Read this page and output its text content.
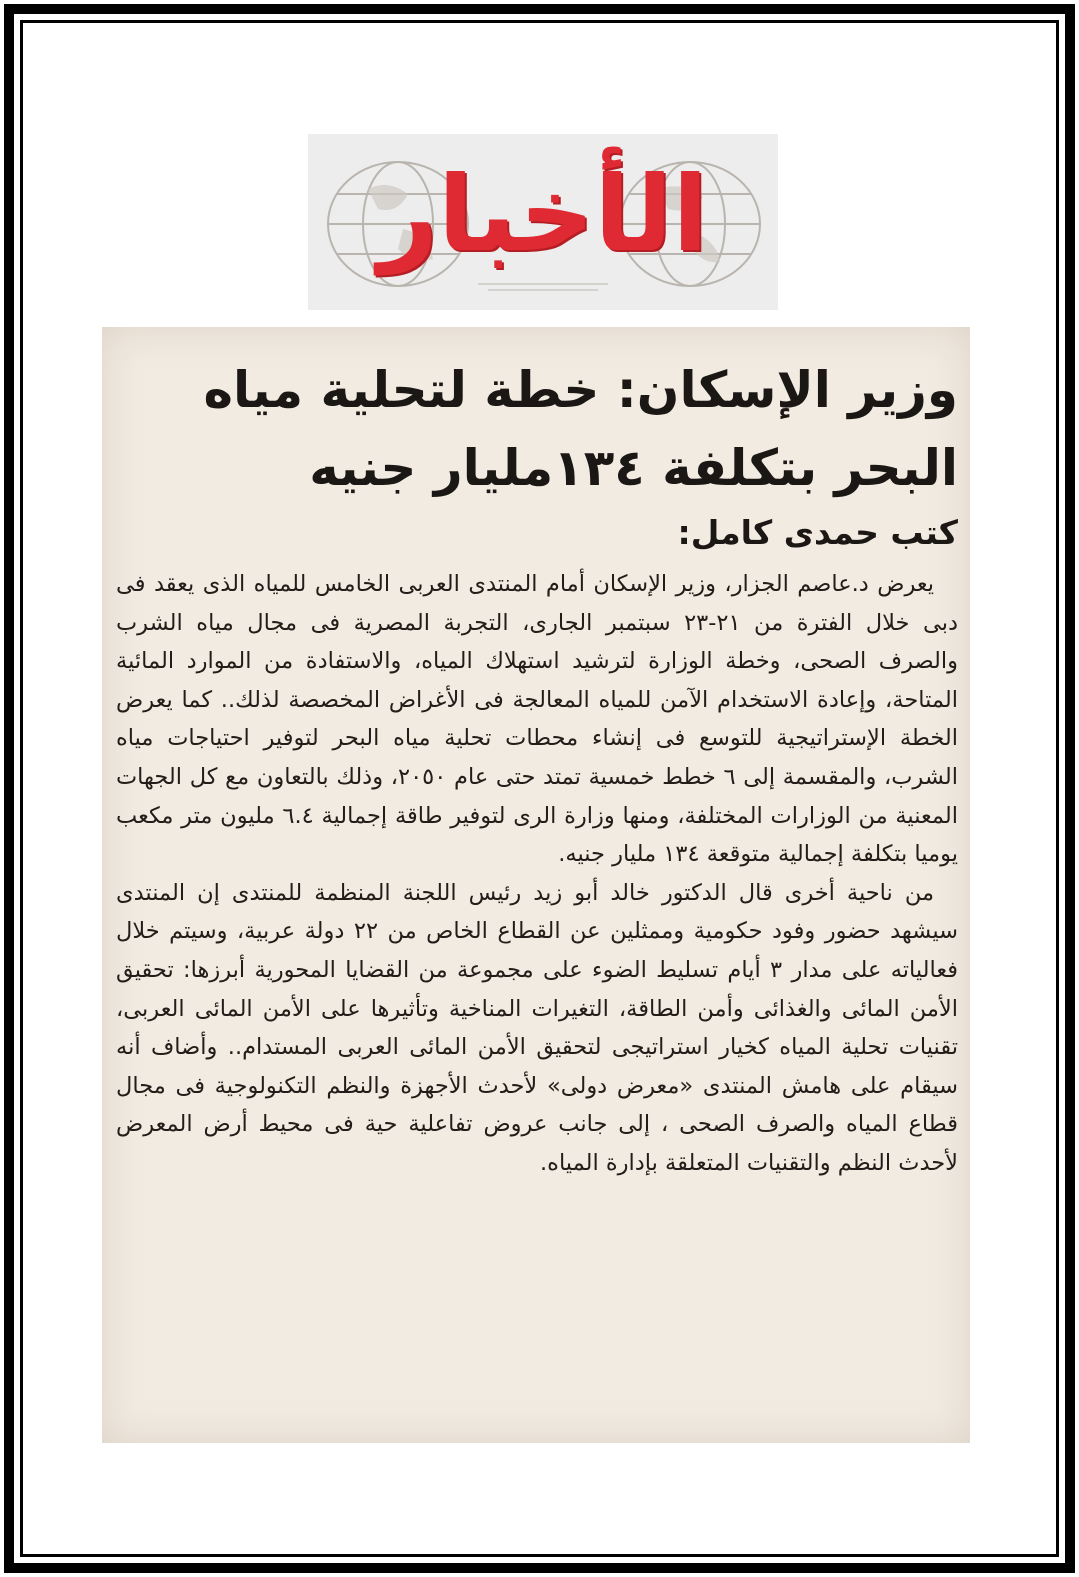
الأخبار
وزير الإسكان: خطة لتحلية مياه البحر بتكلفة ١٣٤مليار جنيه
كتب حمدى كامل:

يعرض د.عاصم الجزار، وزير الإسكان أمام المنتدى العربى الخامس للمياه الذى يعقد فى دبى خلال الفترة من ٢١-٢٣ سبتمبر الجارى، التجربة المصرية فى مجال مياه الشرب والصرف الصحى، وخطة الوزارة لترشيد استهلاك المياه، والاستفادة من الموارد المائية المتاحة، وإعادة الاستخدام الآمن للمياه المعالجة فى الأغراض المخصصة لذلك.. كما يعرض الخطة الإستراتيجية للتوسع فى إنشاء محطات تحلية مياه البحر لتوفير احتياجات مياه الشرب، والمقسمة إلى ٦ خطط خمسية تمتد حتى عام ٢٠٥٠، وذلك بالتعاون مع كل الجهات المعنية من الوزارات المختلفة، ومنها وزارة الرى لتوفير طاقة إجمالية ٦.٤ مليون متر مكعب يوميا بتكلفة إجمالية متوقعة ١٣٤ مليار جنيه.

من ناحية أخرى قال الدكتور خالد أبو زيد رئيس اللجنة المنظمة للمنتدى إن المنتدى سيشهد حضور وفود حكومية وممثلين عن القطاع الخاص من ٢٢ دولة عربية، وسيتم خلال فعالياته على مدار ٣ أيام تسليط الضوء على مجموعة من القضايا المحورية أبرزها: تحقيق الأمن المائى والغذائى وأمن الطاقة، التغيرات المناخية وتأثيرها على الأمن المائى العربى، تقنيات تحلية المياه كخيار استراتيجى لتحقيق الأمن المائى العربى المستدام.. وأضاف أنه سيقام على هامش المنتدى «معرض دولى» لأحدث الأجهزة والنظم التكنولوجية فى مجال قطاع المياه والصرف الصحى ، إلى جانب عروض تفاعلية حية فى محيط أرض المعرض لأحدث النظم والتقنيات المتعلقة بإدارة المياه.
